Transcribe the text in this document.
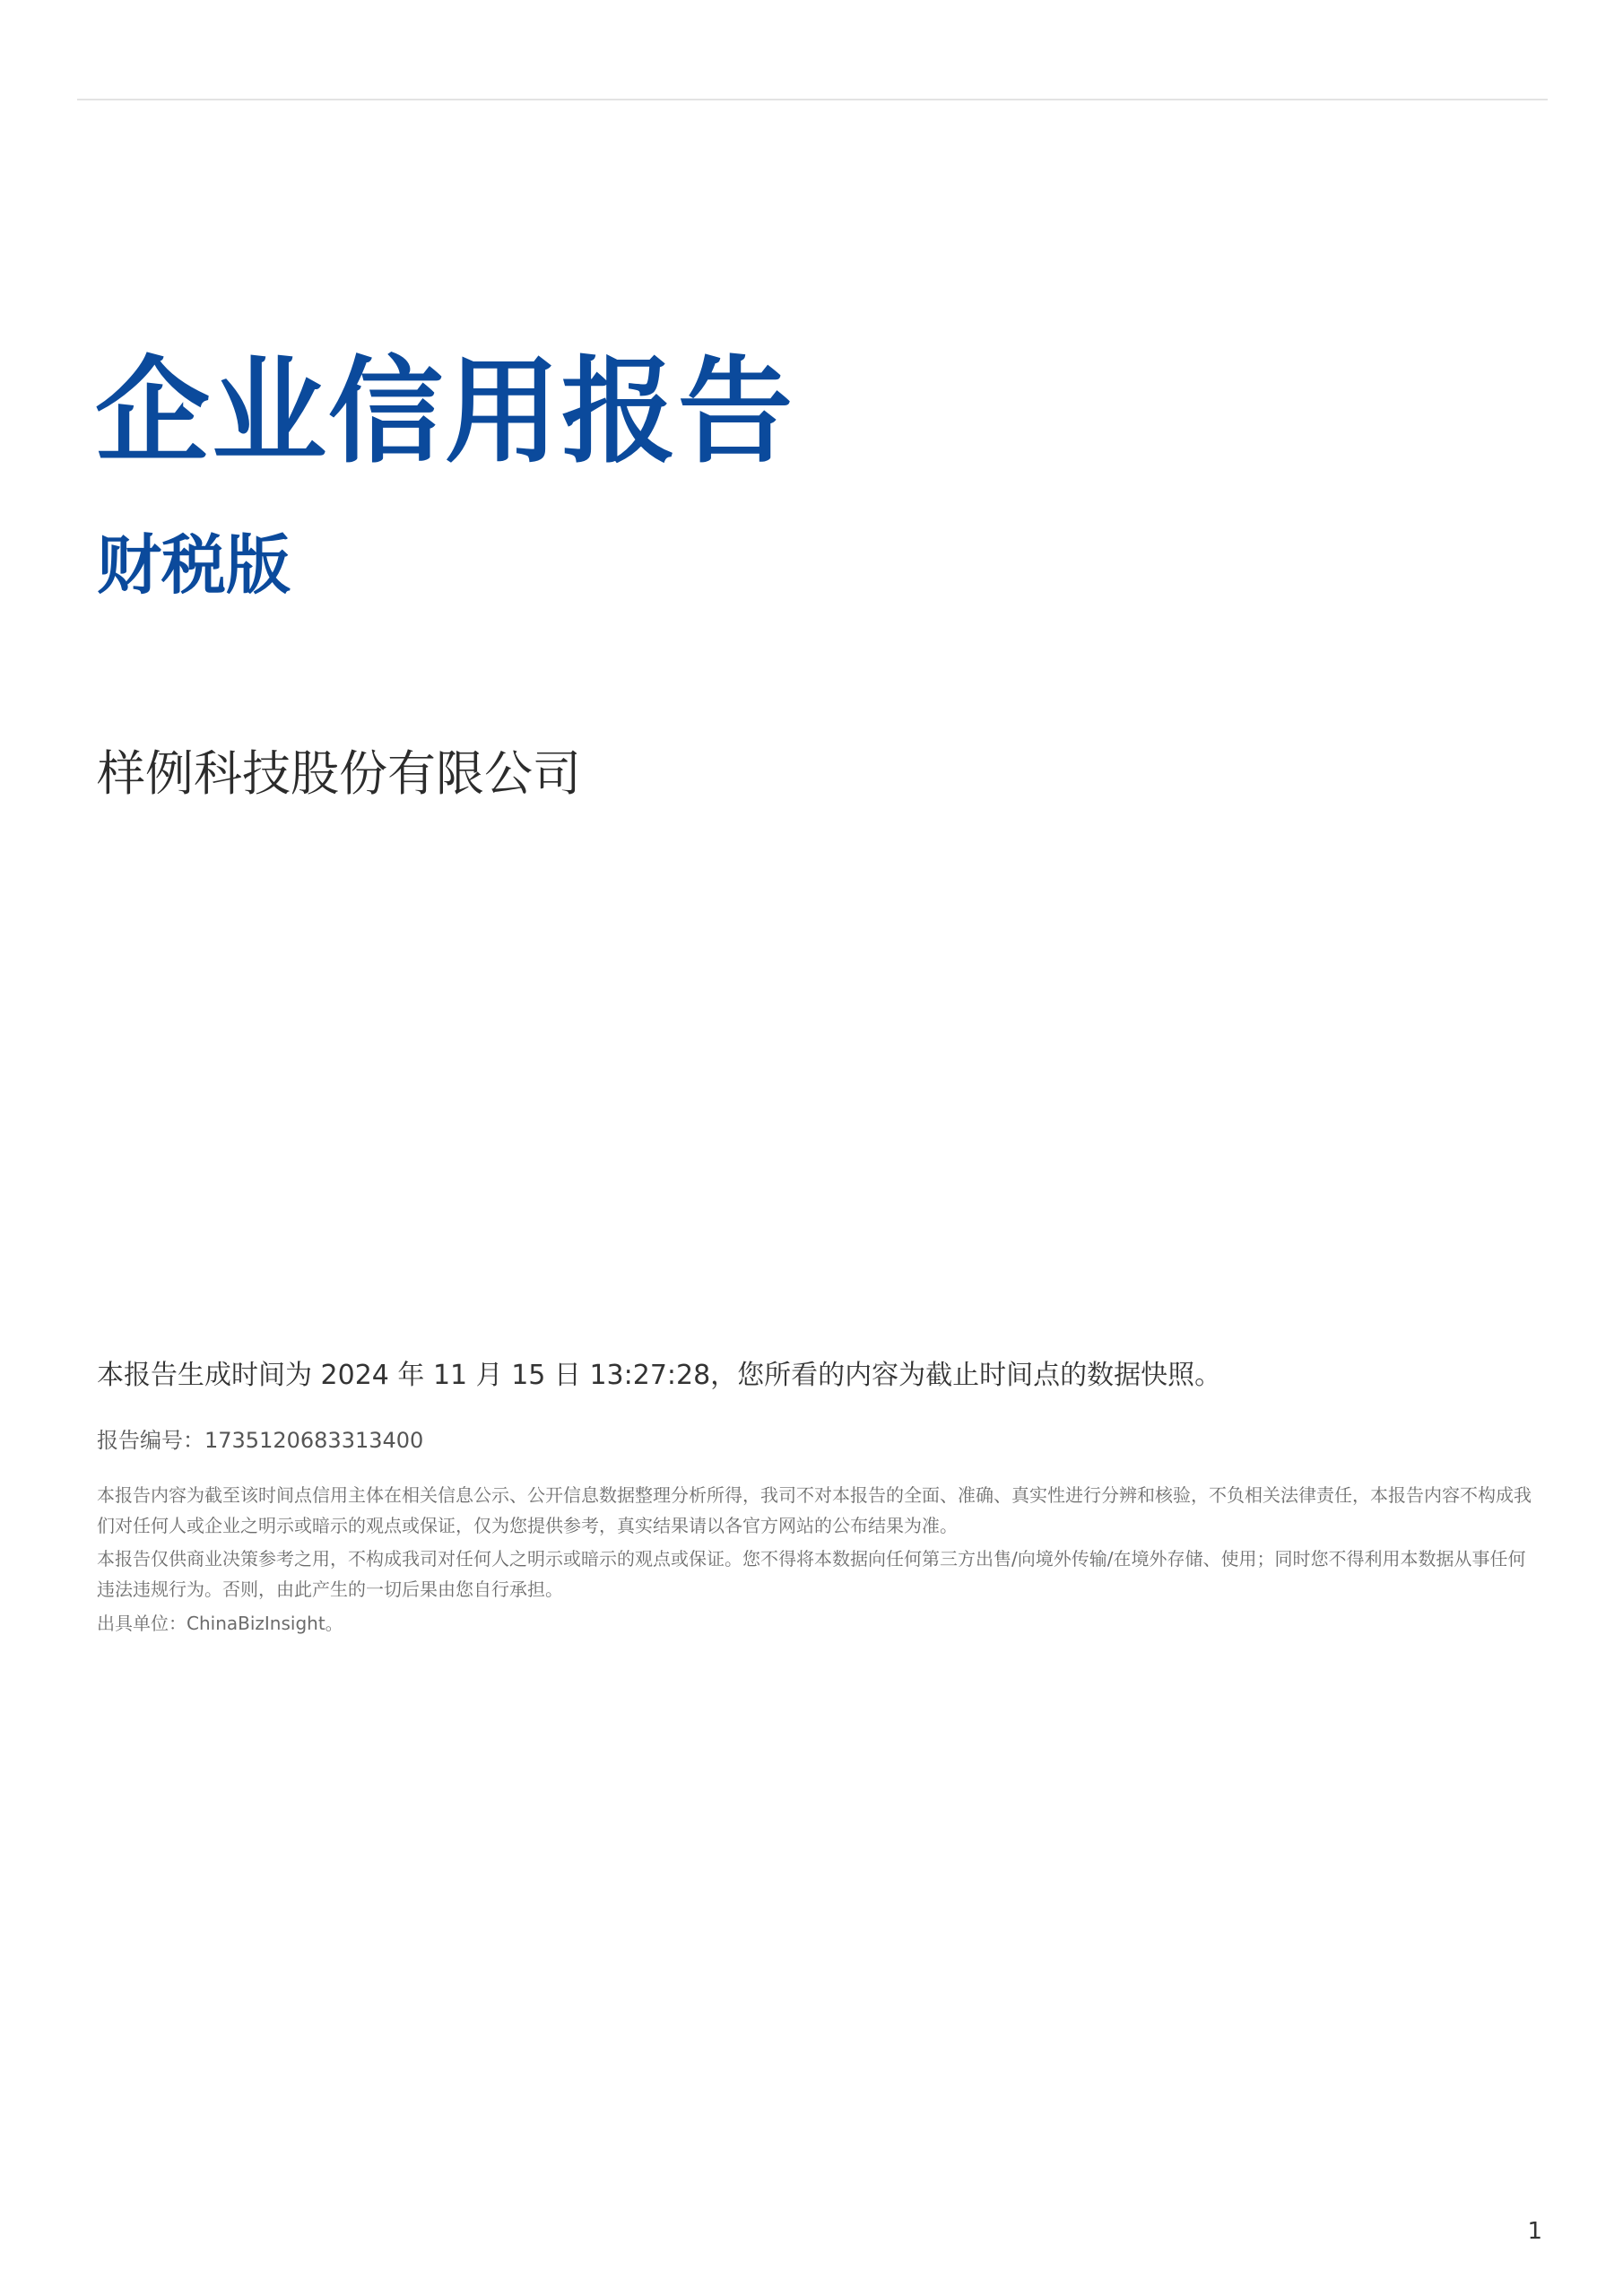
企业信用报告
财税版

样例科技股份有限公司

本报告生成时间为 2024 年 11 月 15 日 13:27:28，您所看的内容为截止时间点的数据快照。

报告编号：1735120683313400

本报告内容为截至该时间点信用主体在相关信息公示、公开信息数据整理分析所得，我司不对本报告的全面、准确、真实性进行分辨和核验，不负相关法律责任，本报告内容不构成我们对任何人或企业之明示或暗示的观点或保证，仅为您提供参考，真实结果请以各官方网站的公布结果为准。

本报告仅供商业决策参考之用，不构成我司对任何人之明示或暗示的观点或保证。您不得将本数据向任何第三方出售/向境外传输/在境外存储、使用；同时您不得利用本数据从事任何违法违规行为。否则，由此产生的一切后果由您自行承担。

出具单位：ChinaBizInsight。

1
